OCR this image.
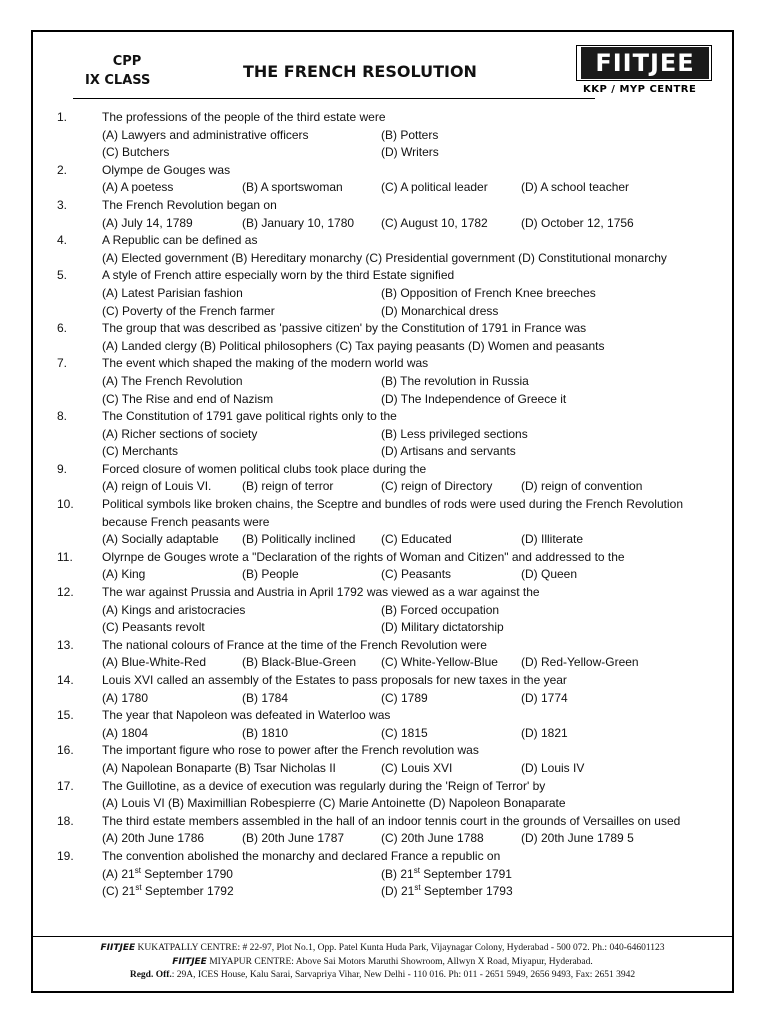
CPP
IX CLASS	THE FRENCH RESOLUTION	FIITJEE
KKP / MYP CENTRE
1.	The professions of the people of the third estate were
(A) Lawyers and administrative officers	(B) Potters
(C) Butchers	(D) Writers
2.	Olympe de Gouges was
(A) A poetess	(B) A sportswoman	(C) A political leader	(D) A school teacher
3.	The French Revolution began on
(A) July 14, 1789	(B) January 10, 1780 (C) August 10, 1782	(D) October 12, 1756
4.	A Republic can be defined as
(A) Elected government (B) Hereditary monarchy (C) Presidential government (D) Constitutional monarchy
5.	A style of French attire especially worn by the third Estate signified
(A) Latest Parisian fashion	(B) Opposition of French Knee breeches
(C) Poverty of the French farmer	(D) Monarchical dress
6.	The group that was described as 'passive citizen' by the Constitution of 1791 in France was
(A) Landed clergy (B) Political philosophers (C) Tax paying peasants (D) Women and peasants
7.	The event which shaped the making of the modern world was
(A) The French Revolution	(B) The revolution in Russia
(C) The Rise and end of Nazism	(D) The Independence of Greece it
8.	The Constitution of 1791 gave political rights only to the
(A) Richer sections of society	(B) Less privileged sections
(C) Merchants	(D) Artisans and servants
9.	Forced closure of women political clubs took place during the
(A) reign of Louis VI.	(B) reign of terror	(C) reign of Directory (D) reign of convention
10.	Political symbols like broken chains, the Sceptre and bundles of rods were used during the French Revolution because French peasants were
(A) Socially adaptable (B) Politically inclined (C) Educated	(D) Illiterate
11.	Olyrnpe de Gouges wrote a "Declaration of the rights of Woman and Citizen" and addressed to the
(A) King	(B) People	(C) Peasants	(D) Queen
12.	The war against Prussia and Austria in April 1792 was viewed as a war against the
(A) Kings and aristocracies	(B) Forced occupation
(C) Peasants revolt	(D) Military dictatorship
13.	The national colours of France at the time of the French Revolution were
(A) Blue-White-Red	(B) Black-Blue-Green (C) White-Yellow-Blue (D) Red-Yellow-Green
14.	Louis XVI called an assembly of the Estates to pass proposals for new taxes in the year
(A) 1780	(B) 1784	(C) 1789	(D) 1774
15.	The year that Napoleon was defeated in Waterloo was
(A) 1804	(B) 1810	(C) 1815	(D) 1821
16.	The important figure who rose to power after the French revolution was
(A) Napolean Bonaparte (B) Tsar Nicholas II	(C) Louis XVI	(D) Louis IV
17.	The Guillotine, as a device of execution was regularly during the 'Reign of Terror' by
(A) Louis VI (B) Maximillian Robespierre (C) Marie Antoinette (D) Napoleon Bonaparate
18.	The third estate members assembled in the hall of an indoor tennis court in the grounds of Versailles on used
(A) 20th June 1786	(B) 20th June 1787	(C) 20th June 1788	(D) 20th June 1789 5
19.	The convention abolished the monarchy and declared France a republic on
(A) 21st September 1790	(B) 21st September 1791
(C) 21st September 1792	(D) 21st September 1793
FIITJEE KUKATPALLY CENTRE: # 22-97, Plot No.1, Opp. Patel Kunta Huda Park, Vijaynagar Colony, Hyderabad - 500 072. Ph.: 040-64601123
FIITJEE MIYAPUR CENTRE: Above Sai Motors Maruthi Showroom, Allwyn X Road, Miyapur, Hyderabad.
Regd. Off.: 29A, ICES House, Kalu Sarai, Sarvapriya Vihar, New Delhi - 110 016. Ph: 011 - 2651 5949, 2656 9493, Fax: 2651 3942
